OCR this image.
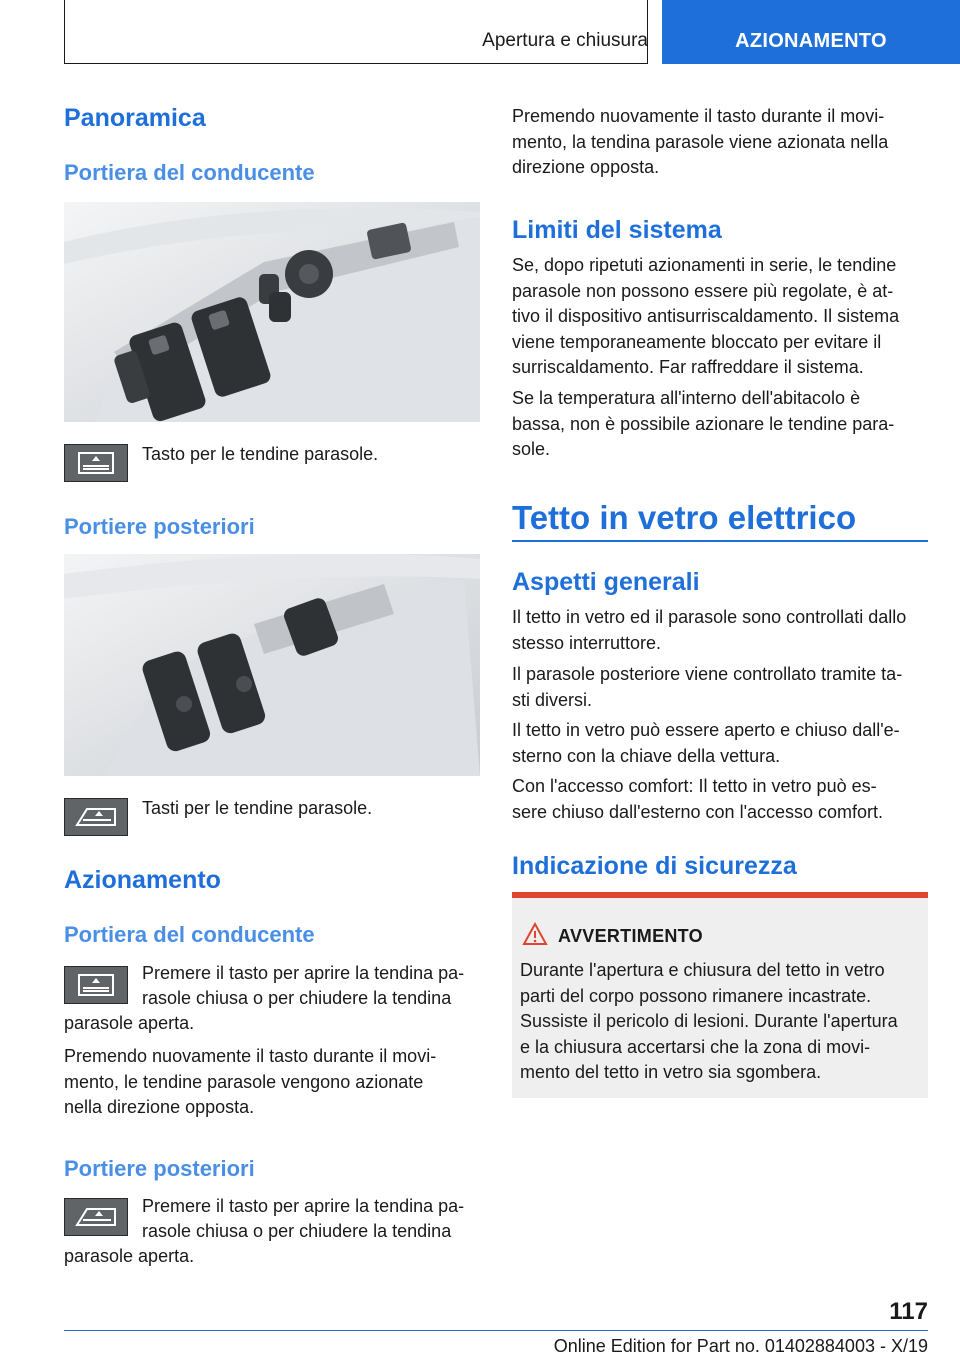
Apertura e chiusura	AZIONAMENTO
Panoramica
Portiera del conducente
Tasto per le tendine parasole.
Portiere posteriori
Tasti per le tendine parasole.
Azionamento
Portiera del conducente
Premere il tasto per aprire la tendina pa-
rasole chiusa o per chiudere la tendina
parasole aperta.
Premendo nuovamente il tasto durante il movi-
mento, le tendine parasole vengono azionate
nella direzione opposta.
Portiere posteriori
Premere il tasto per aprire la tendina pa-
rasole chiusa o per chiudere la tendina
parasole aperta.
Premendo nuovamente il tasto durante il movi-
mento, la tendina parasole viene azionata nella
direzione opposta.
Limiti del sistema
Se, dopo ripetuti azionamenti in serie, le tendine
parasole non possono essere più regolate, è at-
tivo il dispositivo antisurriscaldamento. Il sistema
viene temporaneamente bloccato per evitare il
surriscaldamento. Far raffreddare il sistema.
Se la temperatura all'interno dell'abitacolo è
bassa, non è possibile azionare le tendine para-
sole.
Tetto in vetro elettrico
Aspetti generali
Il tetto in vetro ed il parasole sono controllati dallo
stesso interruttore.
Il parasole posteriore viene controllato tramite ta-
sti diversi.
Il tetto in vetro può essere aperto e chiuso dall'e-
sterno con la chiave della vettura.
Con l'accesso comfort: Il tetto in vetro può es-
sere chiuso dall'esterno con l'accesso comfort.
Indicazione di sicurezza
AVVERTIMENTO
Durante l'apertura e chiusura del tetto in vetro
parti del corpo possono rimanere incastrate.
Sussiste il pericolo di lesioni. Durante l'apertura
e la chiusura accertarsi che la zona di movi-
mento del tetto in vetro sia sgombera.
117
Online Edition for Part no. 01402884003 - X/19
